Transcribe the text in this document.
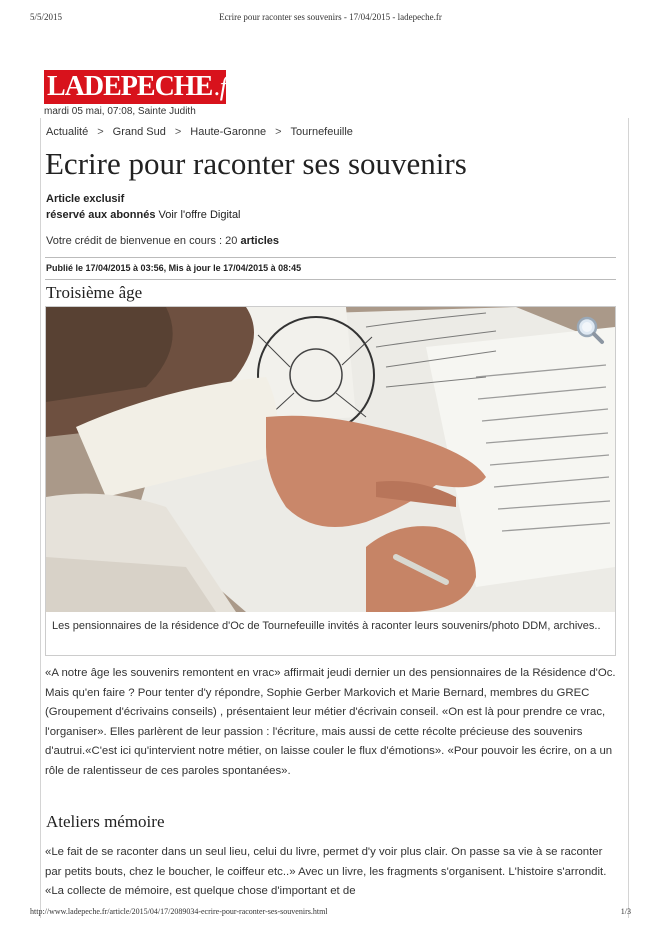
5/5/2015	Ecrire pour raconter ses souvenirs - 17/04/2015 - ladepeche.fr
LADEPECHE.fr
mardi 05 mai, 07:08, Sainte Judith
Actualité > Grand Sud > Haute-Garonne > Tournefeuille
Ecrire pour raconter ses souvenirs
Article exclusif
réservé aux abonnés Voir l'offre Digital
Votre crédit de bienvenue en cours : 20 articles
Publié le 17/04/2015 à 03:56, Mis à jour le 17/04/2015 à 08:45
Troisième âge
Les pensionnaires de la résidence d'Oc de Tournefeuille invités à raconter leurs souvenirs/photo DDM, archives..

«A notre âge les souvenirs remontent en vrac» affirmait jeudi dernier un des pensionnaires de la Résidence d'Oc. Mais qu'en faire ? Pour tenter d'y répondre, Sophie Gerber Markovich et Marie Bernard, membres du GREC (Groupement d'écrivains conseils) , présentaient leur métier d'écrivain conseil. «On est là pour prendre ce vrac, l'organiser». Elles parlèrent de leur passion : l'écriture, mais aussi de cette récolte précieuse des souvenirs d'autrui.«C'est ici qu'intervient notre métier, on laisse couler le flux d'émotions». «Pour pouvoir les écrire, on a un rôle de ralentisseur de ces paroles spontanées».

Ateliers mémoire

«Le fait de se raconter dans un seul lieu, celui du livre, permet d'y voir plus clair. On passe sa vie à se raconter par petits bouts, chez le boucher, le coiffeur etc..» Avec un livre, les fragments s'organisent. L'histoire s'arrondit. «La collecte de mémoire, est quelque chose d'important et de

http://www.ladepeche.fr/article/2015/04/17/2089034-ecrire-pour-raconter-ses-souvenirs.html	1/3
